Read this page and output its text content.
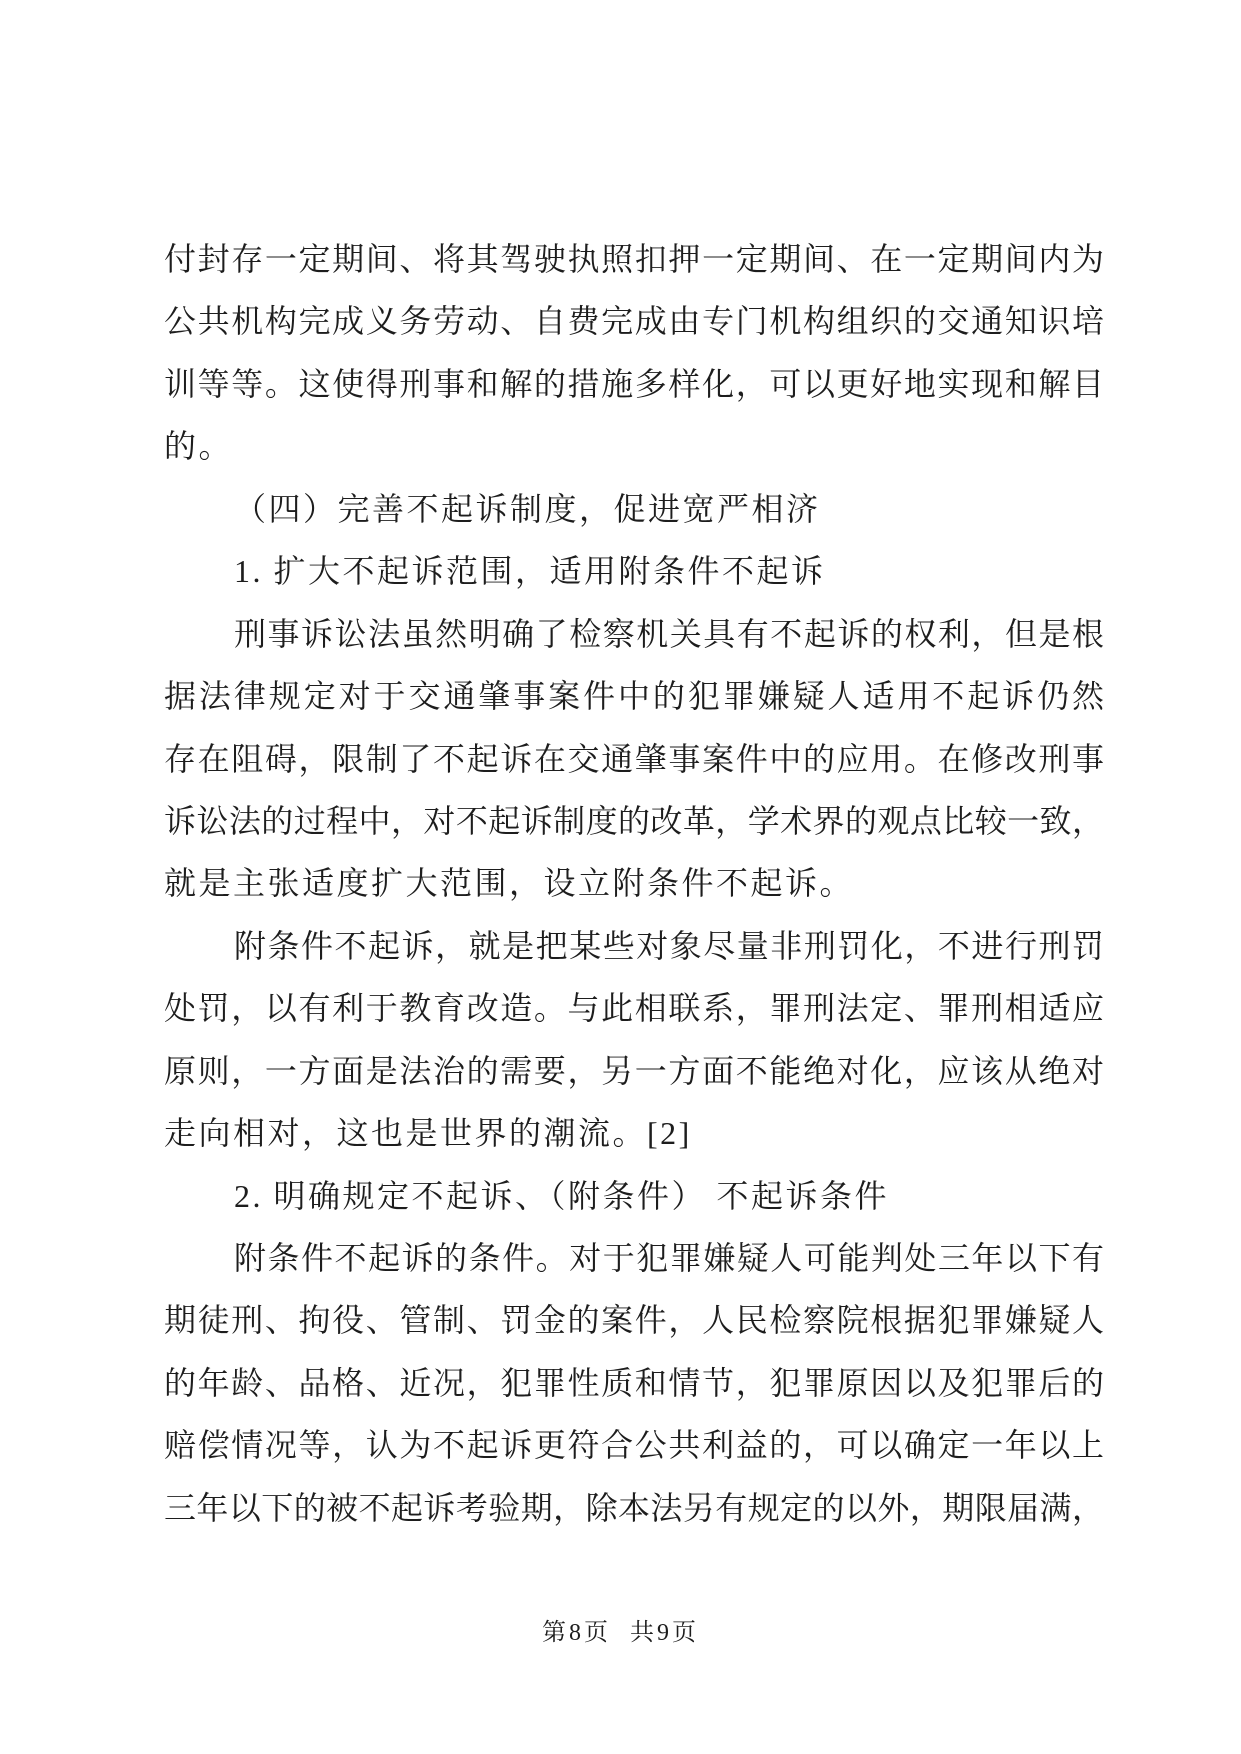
付封存一定期间、将其驾驶执照扣押一定期间、在一定期间内为
公共机构完成义务劳动、自费完成由专门机构组织的交通知识培
训等等。这使得刑事和解的措施多样化，可以更好地实现和解目
的。
（四）完善不起诉制度，促进宽严相济
1. 扩大不起诉范围，适用附条件不起诉
刑事诉讼法虽然明确了检察机关具有不起诉的权利，但是根
据法律规定对于交通肇事案件中的犯罪嫌疑人适用不起诉仍然
存在阻碍，限制了不起诉在交通肇事案件中的应用。在修改刑事
诉讼法的过程中，对不起诉制度的改革，学术界的观点比较一致，
就是主张适度扩大范围，设立附条件不起诉。
附条件不起诉，就是把某些对象尽量非刑罚化，不进行刑罚
处罚，以有利于教育改造。与此相联系，罪刑法定、罪刑相适应
原则，一方面是法治的需要，另一方面不能绝对化，应该从绝对
走向相对，这也是世界的潮流。[2]
2. 明确规定不起诉、（附条件） 不起诉条件
附条件不起诉的条件。对于犯罪嫌疑人可能判处三年以下有
期徒刑、拘役、管制、罚金的案件，人民检察院根据犯罪嫌疑人
的年龄、品格、近况，犯罪性质和情节，犯罪原因以及犯罪后的
赔偿情况等，认为不起诉更符合公共利益的，可以确定一年以上
三年以下的被不起诉考验期，除本法另有规定的以外，期限届满，
第8页 共9页
